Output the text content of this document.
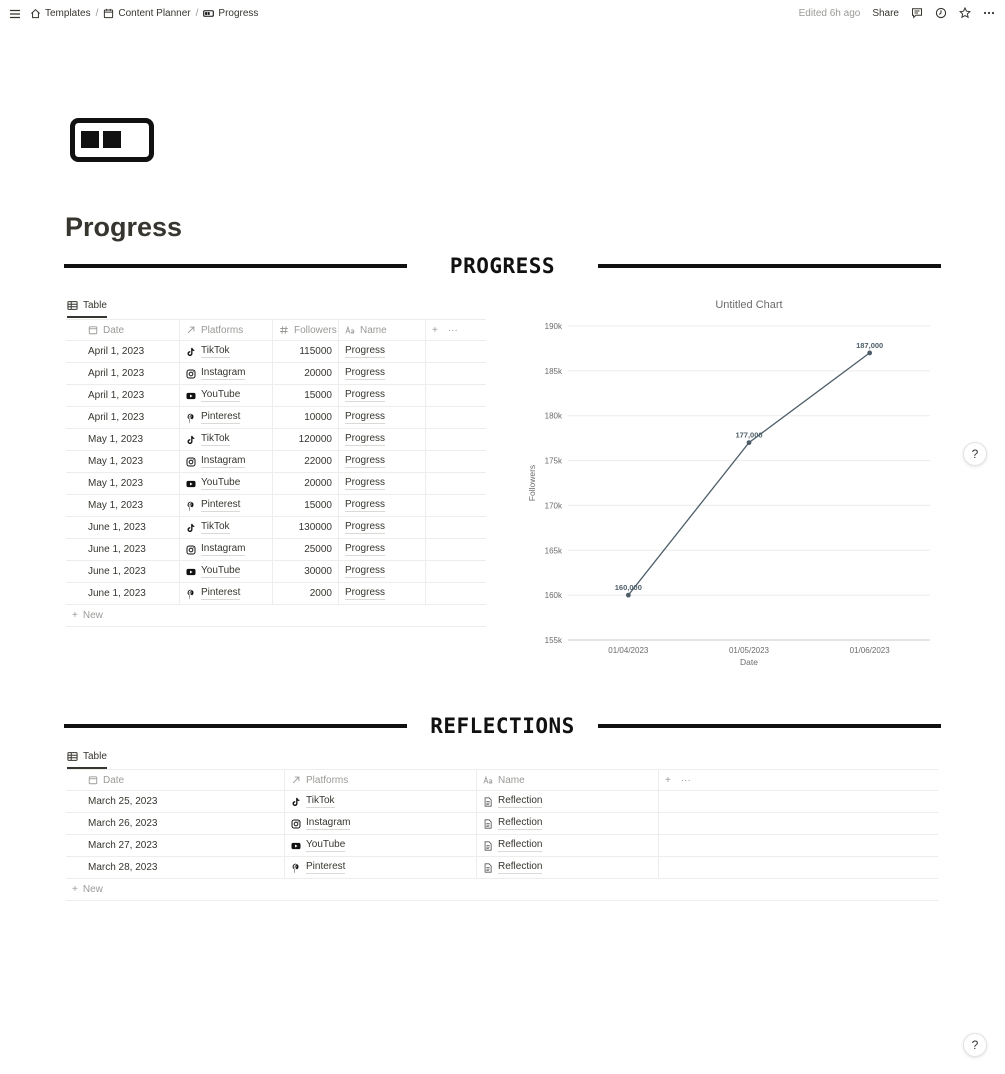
Templates / Content Planner / Progress	Edited 6h ago Share
Progress
PROGRESS
Table
Date	Platforms	Followers Name	+ ···
April 1, 2023	TikTok	115000 Progress
April 1, 2023	Instagram	20000 Progress
April 1, 2023	YouTube	15000 Progress
April 1, 2023	Pinterest	10000 Progress
May 1, 2023	TikTok	120000 Progress
May 1, 2023	Instagram	22000 Progress
May 1, 2023	YouTube	20000 Progress
May 1, 2023	Pinterest	15000 Progress
June 1, 2023	TikTok	130000 Progress
June 1, 2023	Instagram	25000 Progress
June 1, 2023	YouTube	30000 Progress
June 1, 2023	Pinterest	2000 Progress
+ New
Untitled Chart
155k
160k
165k
170k
175k
180k
185k
190k
01/04/2023	01/05/2023	01/06/2023
Date
Followers
160,000
177,000
187,000
REFLECTIONS
Table
Date	Platforms	Name	+ ···
March 25, 2023	TikTok	Reflection
March 26, 2023	Instagram	Reflection
March 27, 2023	YouTube	Reflection
March 28, 2023	Pinterest	Reflection
+ New
?
?
